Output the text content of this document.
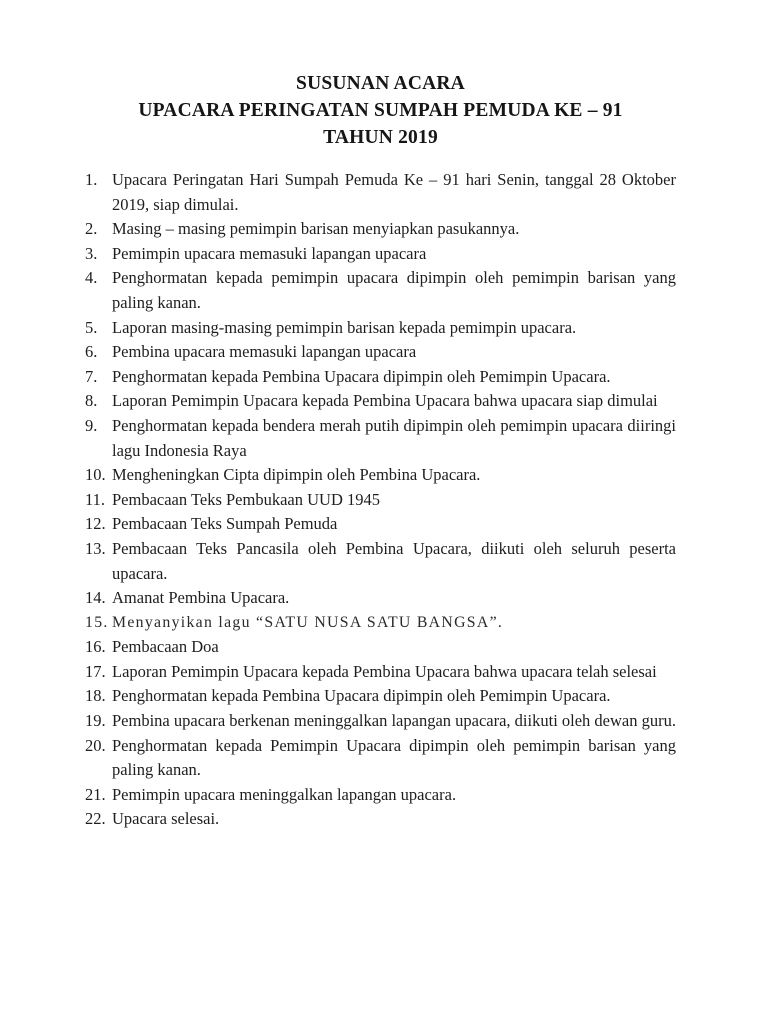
SUSUNAN ACARA
UPACARA PERINGATAN SUMPAH PEMUDA KE – 91
TAHUN 2019
1. Upacara Peringatan Hari Sumpah Pemuda Ke – 91 hari Senin, tanggal 28 Oktober 2019, siap dimulai.
2. Masing – masing pemimpin barisan menyiapkan pasukannya.
3. Pemimpin upacara memasuki lapangan upacara
4. Penghormatan kepada pemimpin upacara dipimpin oleh pemimpin barisan yang paling kanan.
5. Laporan masing-masing pemimpin barisan kepada pemimpin upacara.
6. Pembina upacara memasuki lapangan upacara
7. Penghormatan kepada Pembina Upacara dipimpin oleh Pemimpin Upacara.
8. Laporan Pemimpin Upacara kepada Pembina Upacara bahwa upacara siap dimulai
9. Penghormatan kepada bendera merah putih dipimpin oleh pemimpin upacara diiringi lagu Indonesia Raya
10. Mengheningkan Cipta dipimpin oleh Pembina Upacara.
11. Pembacaan Teks Pembukaan UUD 1945
12. Pembacaan Teks Sumpah Pemuda
13. Pembacaan Teks Pancasila oleh Pembina Upacara, diikuti oleh seluruh peserta upacara.
14. Amanat Pembina Upacara.
15. Menyanyikan lagu “SATU NUSA SATU BANGSA”.
16. Pembacaan Doa
17. Laporan Pemimpin Upacara kepada Pembina Upacara bahwa upacara telah selesai
18. Penghormatan kepada Pembina Upacara dipimpin oleh Pemimpin Upacara.
19. Pembina upacara berkenan meninggalkan lapangan upacara, diikuti oleh dewan guru.
20. Penghormatan kepada Pemimpin Upacara dipimpin oleh pemimpin barisan yang paling kanan.
21. Pemimpin upacara meninggalkan lapangan upacara.
22. Upacara selesai.
